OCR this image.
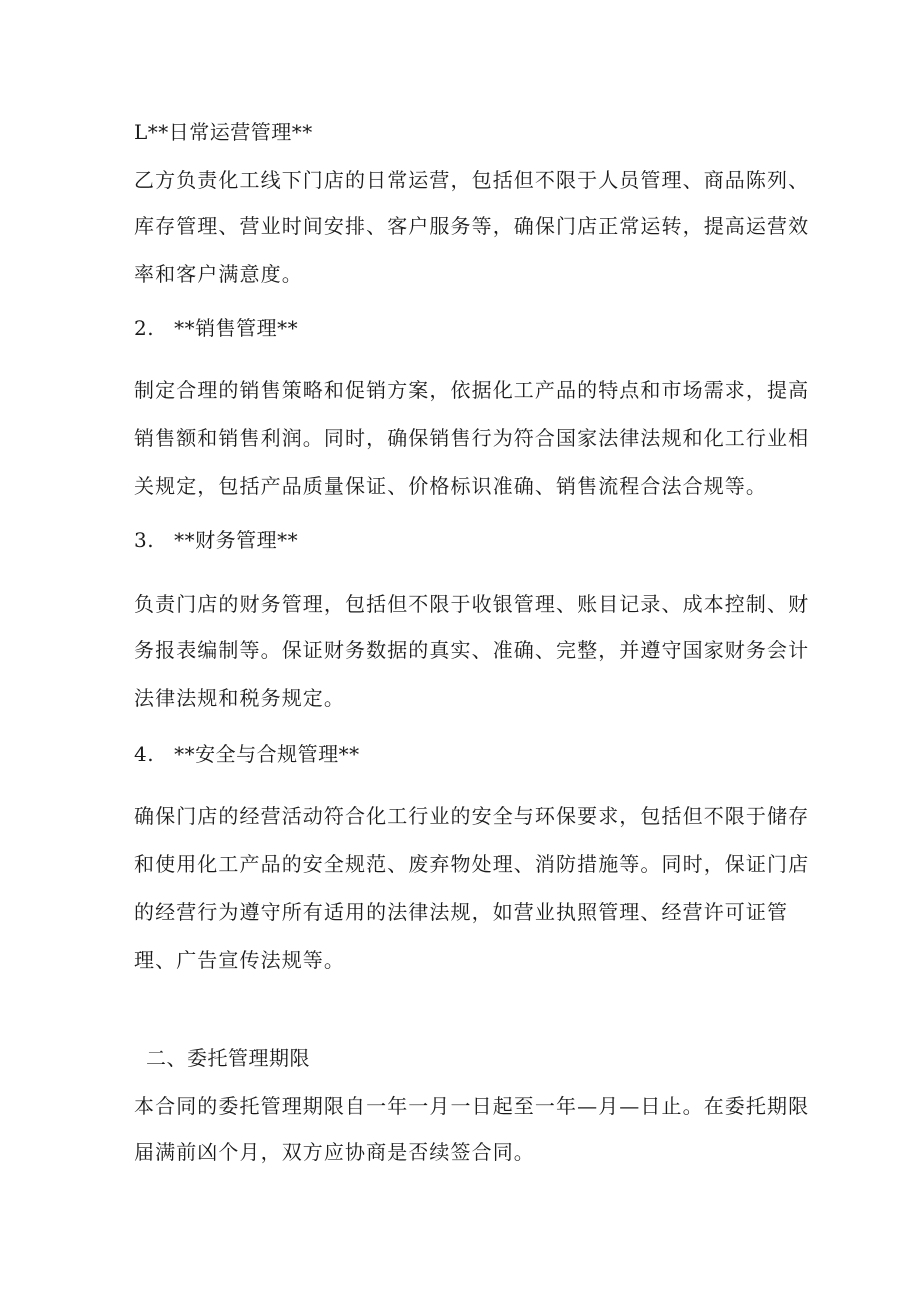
L**日常运营管理**
乙方负责化工线下门店的日常运营，包括但不限于人员管理、商品陈列、
库存管理、营业时间安排、客户服务等，确保门店正常运转，提高运营效
率和客户满意度。
2. **销售管理**
制定合理的销售策略和促销方案，依据化工产品的特点和市场需求，提高
销售额和销售利润。同时，确保销售行为符合国家法律法规和化工行业相
关规定，包括产品质量保证、价格标识准确、销售流程合法合规等。
3. **财务管理**
负责门店的财务管理，包括但不限于收银管理、账目记录、成本控制、财
务报表编制等。保证财务数据的真实、准确、完整，并遵守国家财务会计
法律法规和税务规定。
4. **安全与合规管理**
确保门店的经营活动符合化工行业的安全与环保要求，包括但不限于储存
和使用化工产品的安全规范、废弃物处理、消防措施等。同时，保证门店
的经营行为遵守所有适用的法律法规，如营业执照管理、经营许可证管
理、广告宣传法规等。
二、委托管理期限
本合同的委托管理期限自一年一月一日起至一年—月—日止。在委托期限
届满前凶个月，双方应协商是否续签合同。
